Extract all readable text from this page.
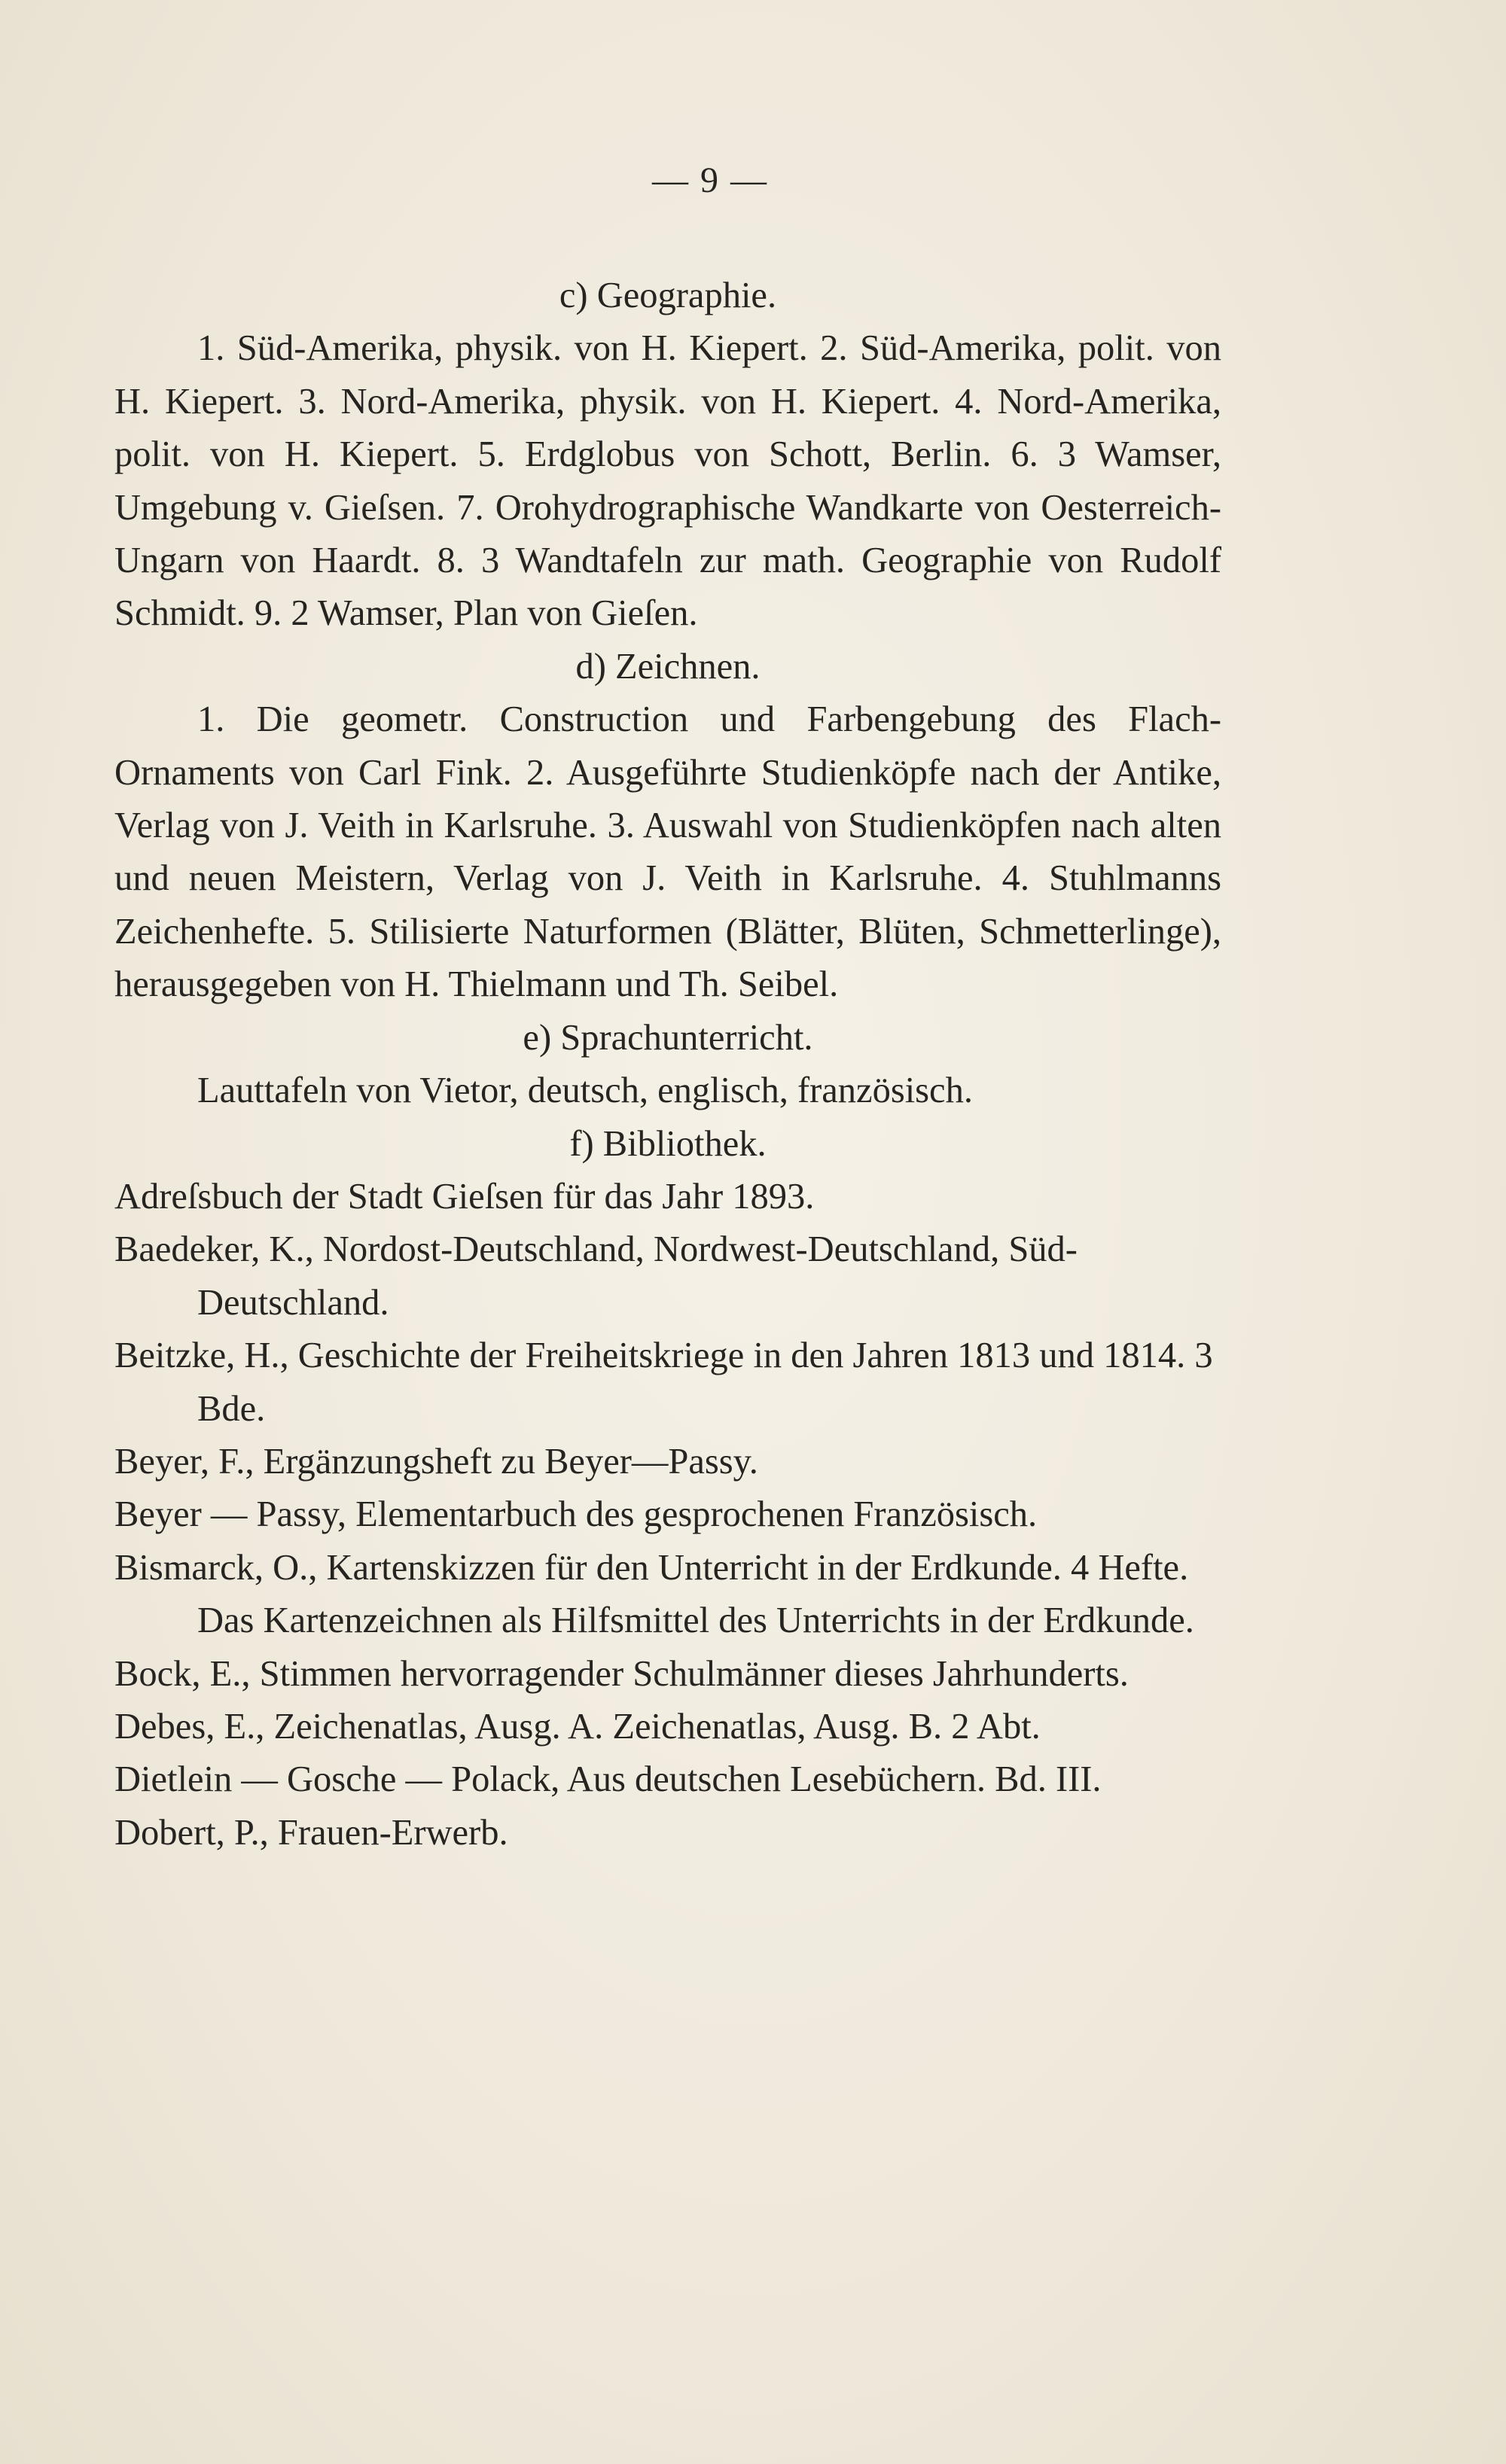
— 9 —

c) Geographie.

1. Süd-Amerika, physik. von H. Kiepert. 2. Süd-Amerika, polit. von H. Kiepert. 3. Nord-Amerika, physik. von H. Kiepert. 4. Nord-Amerika, polit. von H. Kiepert. 5. Erdglobus von Schott, Berlin. 6. 3 Wamser, Umgebung v. Gieſsen. 7. Orohydrographische Wandkarte von Oesterreich-Ungarn von Haardt. 8. 3 Wandtafeln zur math. Geographie von Rudolf Schmidt. 9. 2 Wamser, Plan von Gieſen.

d) Zeichnen.

1. Die geometr. Construction und Farbengebung des Flach-Ornaments von Carl Fink. 2. Ausgeführte Studienköpfe nach der Antike, Verlag von J. Veith in Karlsruhe. 3. Auswahl von Studienköpfen nach alten und neuen Meistern, Verlag von J. Veith in Karlsruhe. 4. Stuhlmanns Zeichenhefte. 5. Stilisierte Naturformen (Blätter, Blüten, Schmetterlinge), herausgegeben von H. Thielmann und Th. Seibel.

e) Sprachunterricht.

Lauttafeln von Vietor, deutsch, englisch, französisch.

f) Bibliothek.

Adreſsbuch der Stadt Gieſsen für das Jahr 1893.

Baedeker, K., Nordost-Deutschland, Nordwest-Deutschland, Süd-Deutschland.

Beitzke, H., Geschichte der Freiheitskriege in den Jahren 1813 und 1814. 3 Bde.

Beyer, F., Ergänzungsheft zu Beyer—Passy.

Beyer — Passy, Elementarbuch des gesprochenen Französisch.

Bismarck, O., Kartenskizzen für den Unterricht in der Erdkunde. 4 Hefte. Das Kartenzeichnen als Hilfsmittel des Unterrichts in der Erdkunde.

Bock, E., Stimmen hervorragender Schulmänner dieses Jahrhunderts.

Debes, E., Zeichenatlas, Ausg. A. Zeichenatlas, Ausg. B. 2 Abt.

Dietlein — Gosche — Polack, Aus deutschen Lesebüchern. Bd. III.

Dobert, P., Frauen-Erwerb.
